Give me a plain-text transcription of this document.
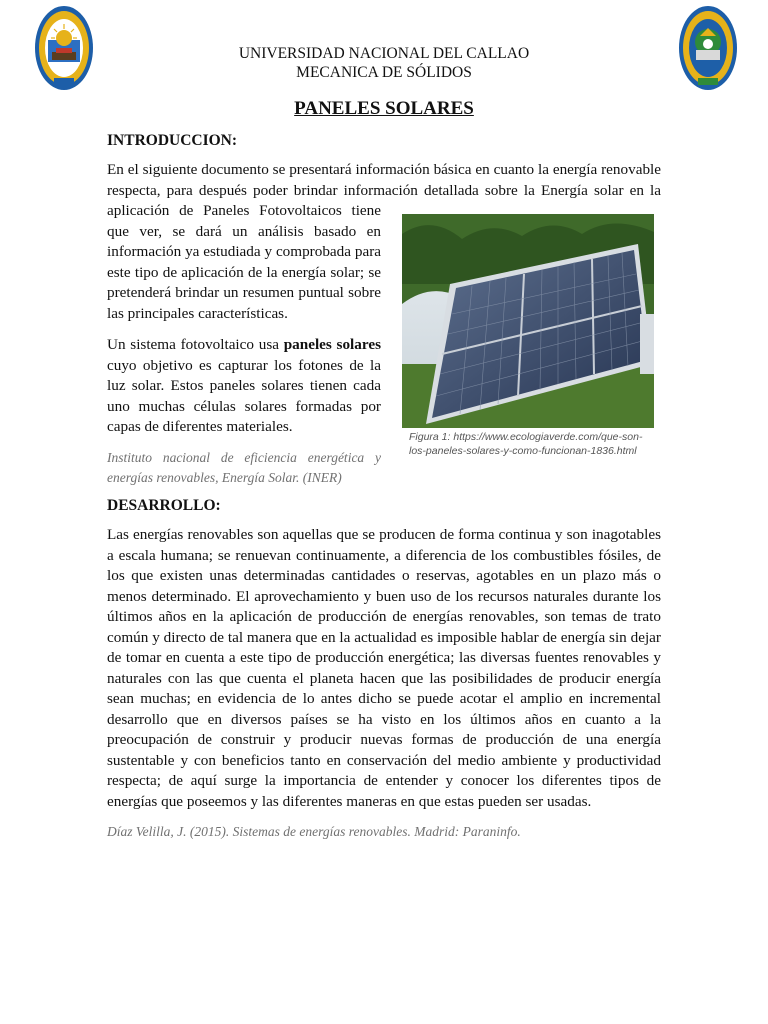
UNIVERSIDAD NACIONAL DEL CALLAO
MECANICA DE SÓLIDOS
PANELES SOLARES
INTRODUCCION:
En el siguiente documento se presentará información básica en cuanto la energía renovable
respecta, para después poder brindar información detallada sobre la Energía solar en la

aplicación de Paneles Fotovoltaicos tiene que ver, se dará un análisis basado en información ya estudiada y comprobada para este tipo de aplicación de la energía solar; se pretenderá brindar un resumen puntual sobre las principales características.

Un sistema fotovoltaico usa paneles solares cuyo objetivo es capturar los fotones de la luz solar. Estos paneles solares tienen cada uno muchas células solares formadas por capas de diferentes materiales.

Instituto nacional de eficiencia energética y energías renovables, Energía Solar. (INER)

Figura 1: https://www.ecologiaverde.com/que-son-los-paneles-solares-y-como-funcionan-1836.html
DESARROLLO:

Las energías renovables son aquellas que se producen de forma continua y son inagotables a escala humana; se renuevan continuamente, a diferencia de los combustibles fósiles, de los que existen unas determinadas cantidades o reservas, agotables en un plazo más o menos determinado. El aprovechamiento y buen uso de los recursos naturales durante los últimos años en la aplicación de producción de energías renovables, son temas de trato común y directo de tal manera que en la actualidad es imposible hablar de energía sin dejar de tomar en cuenta a este tipo de producción energética; las diversas fuentes renovables y naturales con las que cuenta el planeta hacen que las posibilidades de producir energía sean muchas; en evidencia de lo antes dicho se puede acotar el amplio en incremental desarrollo que en diversos países se ha visto en los últimos años en cuanto a la preocupación de construir y producir nuevas formas de producción de una energía sustentable y con beneficios tanto en conservación del medio ambiente y productividad respecta; de aquí surge la importancia de entender y conocer los diferentes tipos de energías que poseemos y las diferentes maneras en que estas pueden ser usadas.

Díaz Velilla, J. (2015). Sistemas de energías renovables. Madrid: Paraninfo.
